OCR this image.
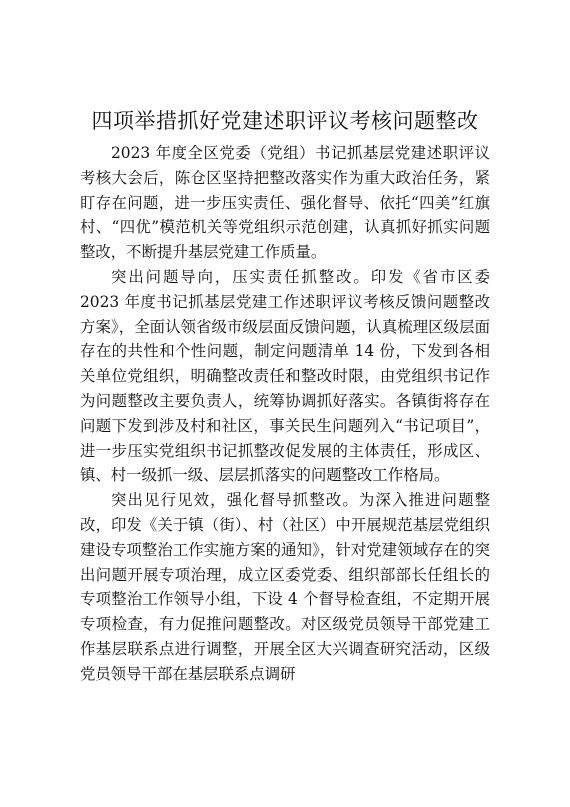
四项举措抓好党建述职评议考核问题整改

2023 年度全区党委（党组）书记抓基层党建述职评议考核大会后，陈仓区坚持把整改落实作为重大政治任务，紧盯存在问题，进一步压实责任、强化督导、依托“四美”红旗村、“四优”模范机关等党组织示范创建，认真抓好抓实问题整改，不断提升基层党建工作质量。

突出问题导向，压实责任抓整改。印发《省市区委 2023 年度书记抓基层党建工作述职评议考核反馈问题整改方案》，全面认领省级市级层面反馈问题，认真梳理区级层面存在的共性和个性问题，制定问题清单 14 份，下发到各相关单位党组织，明确整改责任和整改时限，由党组织书记作为问题整改主要负责人，统筹协调抓好落实。各镇街将存在问题下发到涉及村和社区，事关民生问题列入“书记项目”，进一步压实党组织书记抓整改促发展的主体责任，形成区、镇、村一级抓一级、层层抓落实的问题整改工作格局。

突出见行见效，强化督导抓整改。为深入推进问题整改，印发《关于镇（街）、村（社区）中开展规范基层党组织建设专项整治工作实施方案的通知》，针对党建领域存在的突出问题开展专项治理，成立区委党委、组织部部长任组长的专项整治工作领导小组，下设 4 个督导检查组，不定期开展专项检查，有力促推问题整改。对区级党员领导干部党建工作基层联系点进行调整，开展全区大兴调查研究活动，区级党员领导干部在基层联系点调研
